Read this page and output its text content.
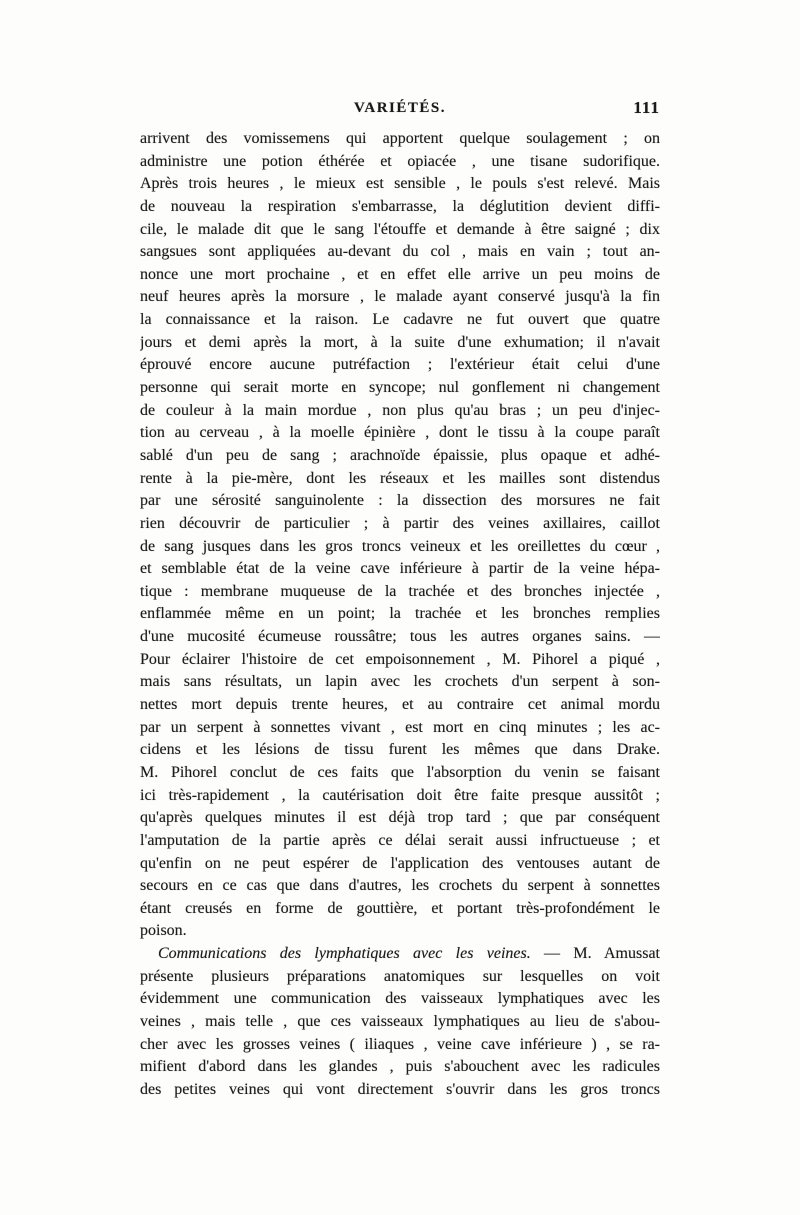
VARIÉTÉS.	111
arrivent des vomissemens qui apportent quelque soulagement ; on
administre une potion éthérée et opiacée , une tisane sudorifique.
Après trois heures , le mieux est sensible , le pouls s'est relevé. Mais
de nouveau la respiration s'embarrasse, la déglutition devient diffi-
cile, le malade dit que le sang l'étouffe et demande à être saigné ; dix
sangsues sont appliquées au-devant du col , mais en vain ; tout an-
nonce une mort prochaine , et en effet elle arrive un peu moins de
neuf heures après la morsure , le malade ayant conservé jusqu'à la fin
la connaissance et la raison. Le cadavre ne fut ouvert que quatre
jours et demi après la mort, à la suite d'une exhumation; il n'avait
éprouvé encore aucune putréfaction ; l'extérieur était celui d'une
personne qui serait morte en syncope; nul gonflement ni changement
de couleur à la main mordue , non plus qu'au bras ; un peu d'injec-
tion au cerveau , à la moelle épinière , dont le tissu à la coupe paraît
sablé d'un peu de sang ; arachnoïde épaissie, plus opaque et adhé-
rente à la pie-mère, dont les réseaux et les mailles sont distendus
par une sérosité sanguinolente : la dissection des morsures ne fait
rien découvrir de particulier ; à partir des veines axillaires, caillot
de sang jusques dans les gros troncs veineux et les oreillettes du cœur ,
et semblable état de la veine cave inférieure à partir de la veine hépa-
tique : membrane muqueuse de la trachée et des bronches injectée ,
enflammée même en un point; la trachée et les bronches remplies
d'une mucosité écumeuse roussâtre; tous les autres organes sains. —
Pour éclairer l'histoire de cet empoisonnement , M. Pihorel a piqué ,
mais sans résultats, un lapin avec les crochets d'un serpent à son-
nettes mort depuis trente heures, et au contraire cet animal mordu
par un serpent à sonnettes vivant , est mort en cinq minutes ; les ac-
cidens et les lésions de tissu furent les mêmes que dans Drake.
M. Pihorel conclut de ces faits que l'absorption du venin se faisant
ici très-rapidement , la cautérisation doit être faite presque aussitôt ;
qu'après quelques minutes il est déjà trop tard ; que par conséquent
l'amputation de la partie après ce délai serait aussi infructueuse ; et
qu'enfin on ne peut espérer de l'application des ventouses autant de
secours en ce cas que dans d'autres, les crochets du serpent à sonnettes
étant creusés en forme de gouttière, et portant très-profondément le
poison.
Communications des lymphatiques avec les veines. — M. Amussat
présente plusieurs préparations anatomiques sur lesquelles on voit
évidemment une communication des vaisseaux lymphatiques avec les
veines , mais telle , que ces vaisseaux lymphatiques au lieu de s'abou-
cher avec les grosses veines ( iliaques , veine cave inférieure ) , se ra-
mifient d'abord dans les glandes , puis s'abouchent avec les radicules
des petites veines qui vont directement s'ouvrir dans les gros troncs
